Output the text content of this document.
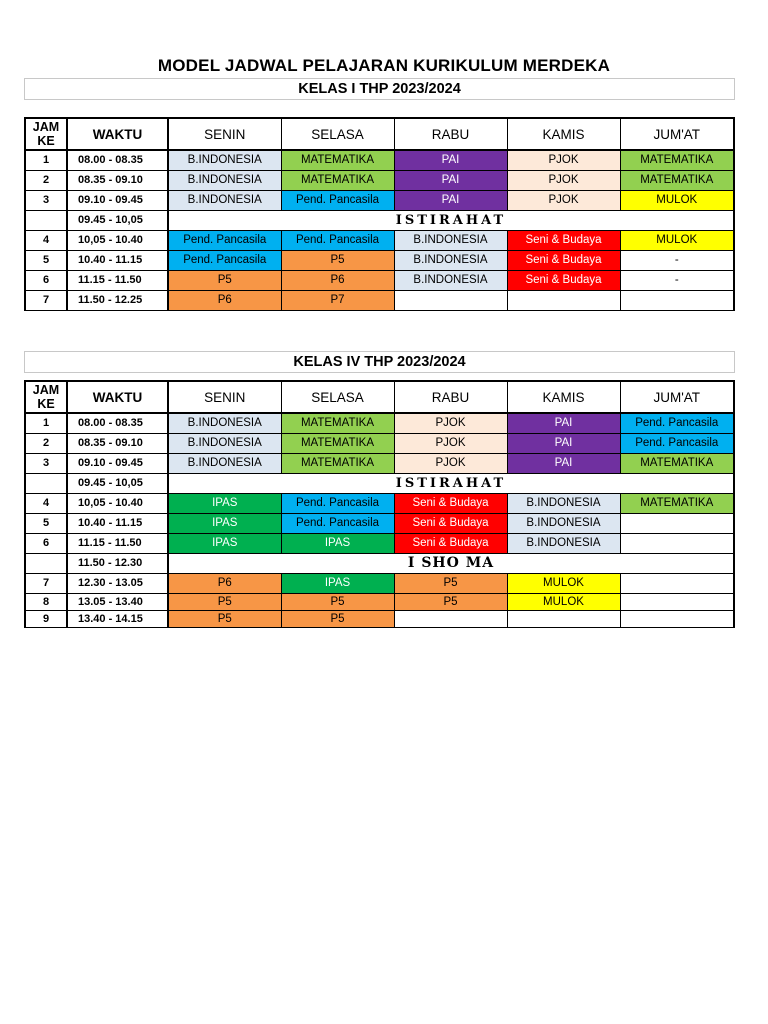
MODEL JADWAL PELAJARAN KURIKULUM MERDEKA
KELAS I THP 2023/2024
JAM KE	WAKTU	SENIN	SELASA	RABU	KAMIS	JUM'AT
1	08.00 - 08.35	B.INDONESIA	MATEMATIKA	PAI	PJOK	MATEMATIKA
2	08.35 - 09.10	B.INDONESIA	MATEMATIKA	PAI	PJOK	MATEMATIKA
3	09.10 - 09.45	B.INDONESIA	Pend. Pancasila	PAI	PJOK	MULOK
	09.45 - 10,05	ISTIRAHAT				
4	10,05 - 10.40	Pend. Pancasila	Pend. Pancasila	B.INDONESIA	Seni & Budaya	MULOK
5	10.40 - 11.15	Pend. Pancasila	P5	B.INDONESIA	Seni & Budaya	-
6	11.15 - 11.50	P5	P6	B.INDONESIA	Seni & Budaya	-
7	11.50 - 12.25	P6	P7			
KELAS IV THP 2023/2024
JAM KE	WAKTU	SENIN	SELASA	RABU	KAMIS	JUM'AT
1	08.00 - 08.35	B.INDONESIA	MATEMATIKA	PJOK	PAI	Pend. Pancasila
2	08.35 - 09.10	B.INDONESIA	MATEMATIKA	PJOK	PAI	Pend. Pancasila
3	09.10 - 09.45	B.INDONESIA	MATEMATIKA	PJOK	PAI	MATEMATIKA
	09.45 - 10,05	ISTIRAHAT				
4	10,05 - 10.40	IPAS	Pend. Pancasila	Seni & Budaya	B.INDONESIA	MATEMATIKA
5	10.40 - 11.15	IPAS	Pend. Pancasila	Seni & Budaya	B.INDONESIA	
6	11.15 - 11.50	IPAS	IPAS	Seni & Budaya	B.INDONESIA	
	11.50 - 12.30	I SHO MA				
7	12.30 - 13.05	P6	IPAS	P5	MULOK	
8	13.05 - 13.40	P5	P5	P5	MULOK	
9	13.40 - 14.15	P5	P5			
